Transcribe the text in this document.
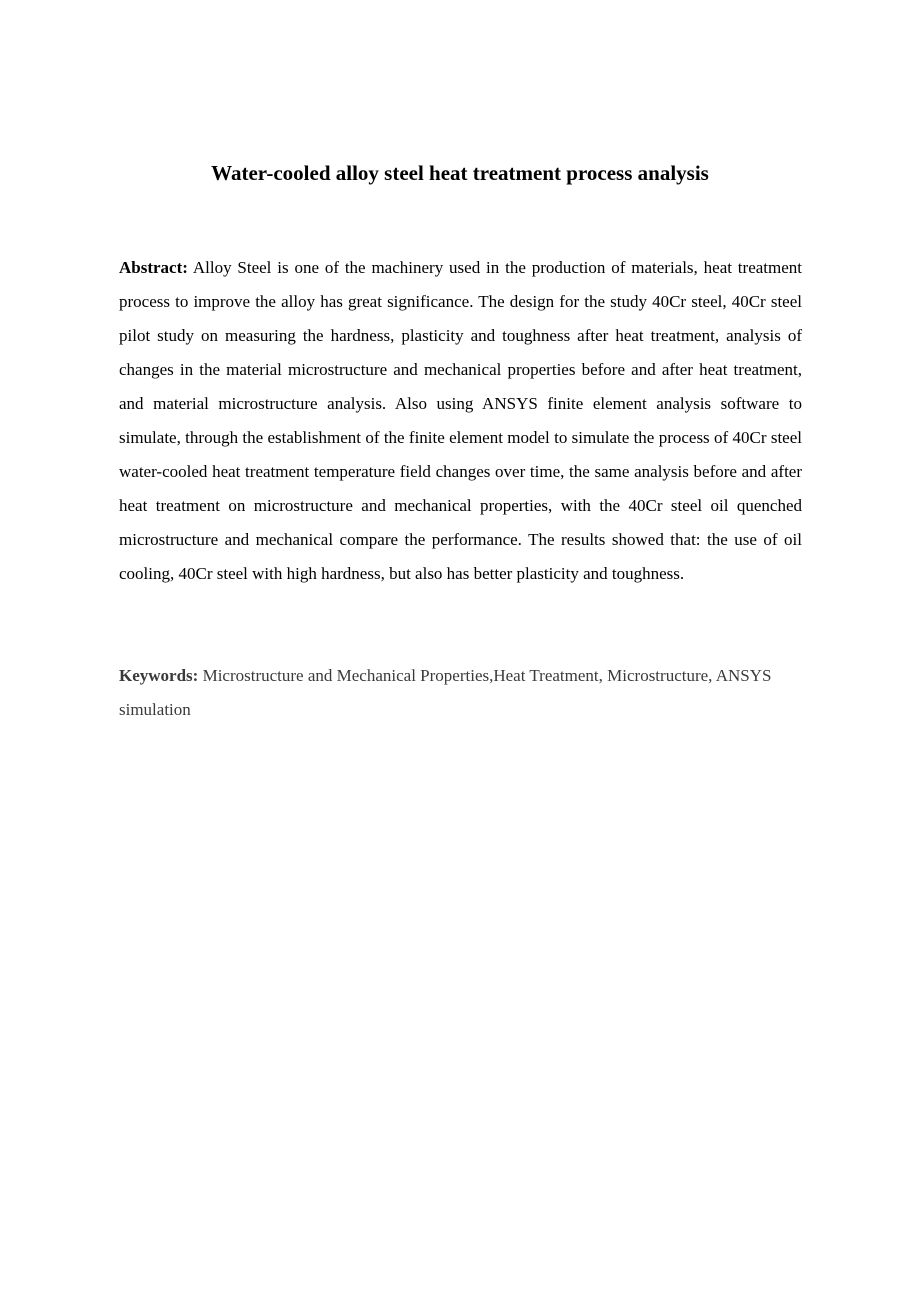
Water-cooled alloy steel heat treatment process analysis

Abstract: Alloy Steel is one of the machinery used in the production of materials, heat treatment process to improve the alloy has great significance. The design for the study 40Cr steel, 40Cr steel pilot study on measuring the hardness, plasticity and toughness after heat treatment, analysis of changes in the material microstructure and mechanical properties before and after heat treatment, and material microstructure analysis. Also using ANSYS finite element analysis software to simulate, through the establishment of the finite element model to simulate the process of 40Cr steel water-cooled heat treatment temperature field changes over time, the same analysis before and after heat treatment on microstructure and mechanical properties, with the 40Cr steel oil quenched microstructure and mechanical compare the performance. The results showed that: the use of oil cooling, 40Cr steel with high hardness, but also has better plasticity and toughness.

Keywords: Microstructure and Mechanical Properties,Heat Treatment, Microstructure, ANSYS simulation
